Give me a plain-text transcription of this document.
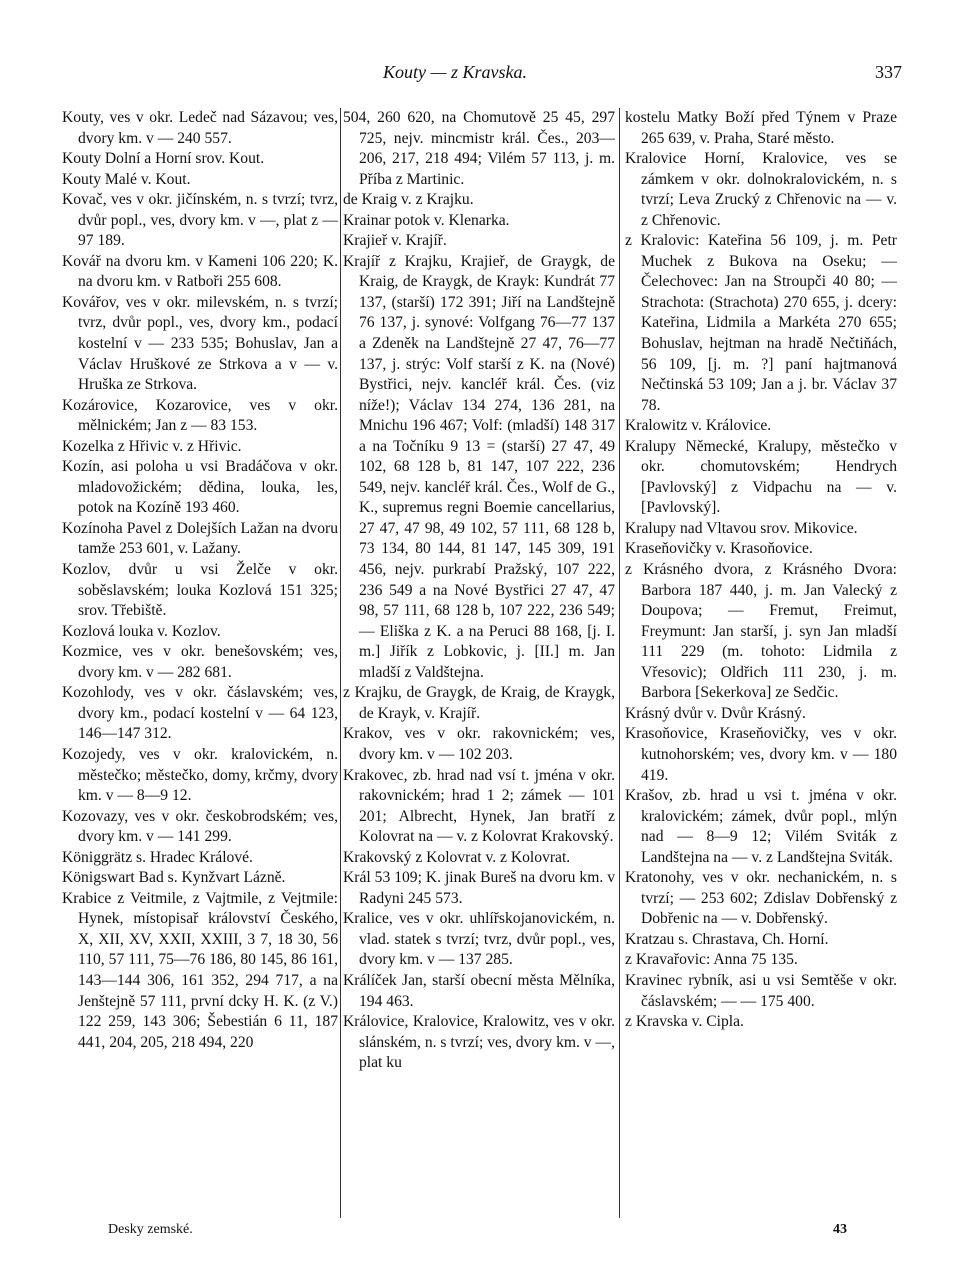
Kouty — z Kravska.	337

Kouty, ves v okr. Ledeč nad Sázavou; ves, dvory km. v — 240 557.

Kouty Dolní a Horní srov. Kout.

Kouty Malé v. Kout.

Kovač, ves v okr. jičínském, n. s tvrzí; tvrz, dvůr popl., ves, dvory km. v —, plat z — 97 189.

Kovář na dvoru km. v Kameni 106 220; K. na dvoru km. v Ratboři 255 608.

Kovářov, ves v okr. milevském, n. s tvrzí; tvrz, dvůr popl., ves, dvory km., podací kostelní v — 233 535; Bohuslav, Jan a Václav Hruškové ze Strkova a v — v. Hruška ze Strkova.

Kozárovice, Kozarovice, ves v okr. mělnickém; Jan z — 83 153.

Kozelka z Hřivic v. z Hřivic.

Kozín, asi poloha u vsi Bradáčova v okr. mladovožickém; dědina, louka, les, potok na Kozíně 193 460.

Kozínoha Pavel z Dolejších Lažan na dvoru tamže 253 601, v. Lažany.

Kozlov, dvůr u vsi Želče v okr. soběslavském; louka Kozlová 151 325; srov. Třebiště.

Kozlová louka v. Kozlov.

Kozmice, ves v okr. benešovském; ves, dvory km. v — 282 681.

Kozohlody, ves v okr. čáslavském; ves, dvory km., podací kostelní v — 64 123, 146—147 312.

Kozojedy, ves v okr. kralovickém, n. městečko; městečko, domy, krčmy, dvory km. v — 8—9 12.

Kozovazy, ves v okr. českobrodském; ves, dvory km. v — 141 299.

Königgrätz s. Hradec Králové.

Königswart Bad s. Kynžvart Lázně.

Krabice z Veitmile, z Vajtmile, z Vejtmile: Hynek, místopisař království Českého, X, XII, XV, XXII, XXIII, 3 7, 18 30, 56 110, 57 111, 75—76 186, 80 145, 86 161, 143—144 306, 161 352, 294 717, a na Jenštejně 57 111, první dcky H. K. (z V.) 122 259, 143 306; Šebestián 6 11, 187 441, 204, 205, 218 494, 220

504, 260 620, na Chomutově 25 45, 297 725, nejv. mincmistr král. Čes., 203—206, 217, 218 494; Vilém 57 113, j. m. Příba z Martinic.

de Kraig v. z Krajku.

Krainar potok v. Klenarka.

Krajieř v. Krajíř.

Krajíř z Krajku, Krajieř, de Graygk, de Kraig, de Kraygk, de Krayk: Kundrát 77 137, (starší) 172 391; Jiří na Landštejně 76 137, j. synové: Volfgang 76—77 137 a Zdeněk na Landštejně 27 47, 76—77 137, j. strýc: Volf starší z K. na (Nové) Bystřici, nejv. kancléř král. Čes. (viz níže!); Václav 134 274, 136 281, na Mnichu 196 467; Volf: (mladší) 148 317 a na Točníku 9 13 = (starší) 27 47, 49 102, 68 128 b, 81 147, 107 222, 236 549, nejv. kancléř král. Čes., Wolf de G., K., supremus regni Boemie cancellarius, 27 47, 47 98, 49 102, 57 111, 68 128 b, 73 134, 80 144, 81 147, 145 309, 191 456, nejv. purkrabí Pražský, 107 222, 236 549 a na Nové Bystřici 27 47, 47 98, 57 111, 68 128 b, 107 222, 236 549; — Eliška z K. a na Peruci 88 168, [j. I. m.] Jiřík z Lobkovic, j. [II.] m. Jan mladší z Valdštejna.

z Krajku, de Graygk, de Kraig, de Kraygk, de Krayk, v. Krajíř.

Krakov, ves v okr. rakovnickém; ves, dvory km. v — 102 203.

Krakovec, zb. hrad nad vsí t. jména v okr. rakovnickém; hrad 1 2; zámek — 101 201; Albrecht, Hynek, Jan bratří z Kolovrat na — v. z Kolovrat Krakovský.

Krakovský z Kolovrat v. z Kolovrat.

Král 53 109; K. jinak Bureš na dvoru km. v Radyni 245 573.

Kralice, ves v okr. uhlířskojanovickém, n. vlad. statek s tvrzí; tvrz, dvůr popl., ves, dvory km. v — 137 285.

Králíček Jan, starší obecní města Mělníka, 194 463.

Královice, Kralovice, Kralowitz, ves v okr. slánském, n. s tvrzí; ves, dvory km. v —, plat ku

kostelu Matky Boží před Týnem v Praze 265 639, v. Praha, Staré město.

Kralovice Horní, Kralovice, ves se zámkem v okr. dolnokralovickém, n. s tvrzí; Leva Zrucký z Chřenovic na — v. z Chřenovic.

z Kralovic: Kateřina 56 109, j. m. Petr Muchek z Bukova na Oseku; — Čelechovec: Jan na Stroupči 40 80; — Strachota: (Strachota) 270 655, j. dcery: Kateřina, Lidmila a Markéta 270 655; Bohuslav, hejtman na hradě Nečtiňách, 56 109, [j. m. ?] paní hajtmanová Nečtinská 53 109; Jan a j. br. Václav 37 78.

Kralowitz v. Královice.

Kralupy Německé, Kralupy, městečko v okr. chomutovském; Hendrych [Pavlovský] z Vidpachu na — v. [Pavlovský].

Kralupy nad Vltavou srov. Mikovice.

Kraseňovičky v. Krasoňovice.

z Krásného dvora, z Krásného Dvora: Barbora 187 440, j. m. Jan Valecký z Doupova; — Fremut, Freimut, Freymunt: Jan starší, j. syn Jan mladší 111 229 (m. tohoto: Lidmila z Vřesovic); Oldřich 111 230, j. m. Barbora [Sekerkova] ze Sedčic.

Krásný dvůr v. Dvůr Krásný.

Krasoňovice, Kraseňovičky, ves v okr. kutnohorském; ves, dvory km. v — 180 419.

Krašov, zb. hrad u vsi t. jména v okr. kralovickém; zámek, dvůr popl., mlýn nad — 8—9 12; Vilém Sviták z Landštejna na — v. z Landštejna Sviták.

Kratonohy, ves v okr. nechanickém, n. s tvrzí; — 253 602; Zdislav Dobřenský z Dobřenic na — v. Dobřenský.

Kratzau s. Chrastava, Ch. Horní.

z Kravařovic: Anna 75 135.

Kravinec rybník, asi u vsi Semtěše v okr. čáslavském; — — 175 400.

z Kravska v. Cipla.

Desky zemské.	43
